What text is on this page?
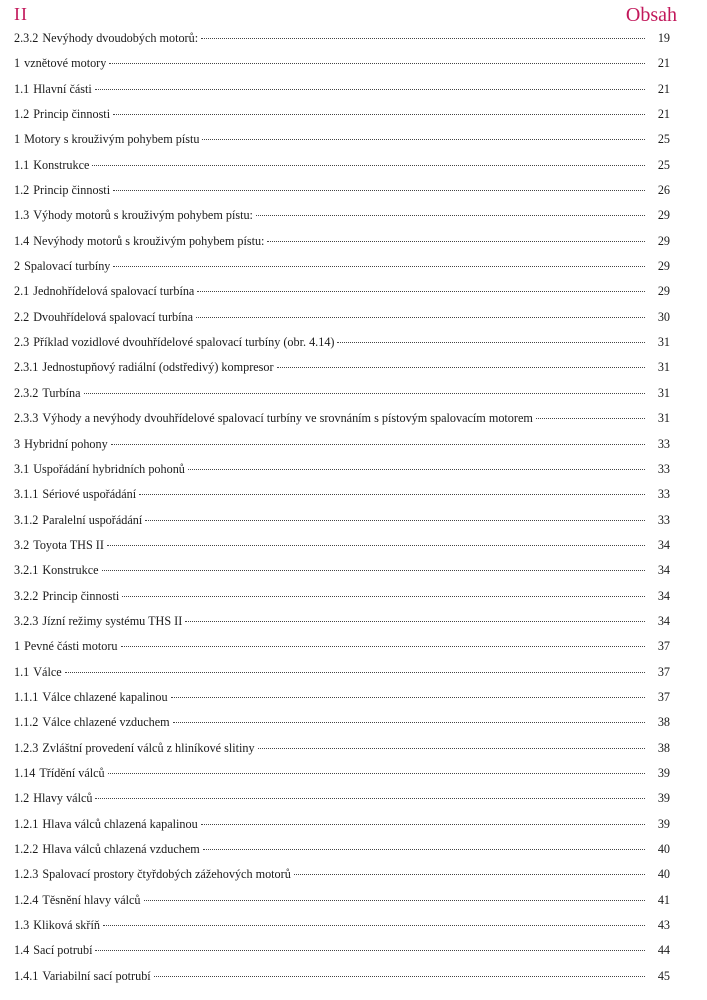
II	Obsah
2.3.2 Nevýhody dvoudobých motorů:	19
1 vznětové motory	21
1.1 Hlavní části	21
1.2 Princip činnosti	21
1 Motory s krouživým pohybem pístu	25
1.1 Konstrukce	25
1.2 Princip činnosti	26
1.3 Výhody motorů s krouživým pohybem pístu:	29
1.4 Nevýhody motorů s krouživým pohybem pístu:	29
2 Spalovací turbíny	29
2.1 Jednohřídelová spalovací turbína	29
2.2 Dvouhřídelová spalovací turbína	30
2.3 Příklad vozidlové dvouhřídelové spalovací turbíny (obr. 4.14)	31
2.3.1 Jednostupňový radiální (odstředivý) kompresor	31
2.3.2 Turbína	31
2.3.3 Výhody a nevýhody dvouhřídelové spalovací turbíny ve srovnáním s pístovým spalovacím motorem	31
3 Hybridní pohony	33
3.1 Uspořádání hybridních pohonů	33
3.1.1 Sériové uspořádání	33
3.1.2 Paralelní uspořádání	33
3.2 Toyota THS II	34
3.2.1 Konstrukce	34
3.2.2 Princip činnosti	34
3.2.3 Jízní režimy systému THS II	34
1 Pevné části motoru	37
1.1 Válce	37
1.1.1 Válce chlazené kapalinou	37
1.1.2 Válce chlazené vzduchem	38
1.2.3 Zvláštní provedení válců z hliníkové slitiny	38
1.14 Třídění válců	39
1.2 Hlavy válců	39
1.2.1 Hlava válců chlazená kapalinou	39
1.2.2 Hlava válců chlazená vzduchem	40
1.2.3 Spalovací prostory čtyřdobých zážehových motorů	40
1.2.4 Těsnění hlavy válců	41
1.3 Kliková skříň	43
1.4 Sací potrubí	44
1.4.1 Variabilní sací potrubí	45
